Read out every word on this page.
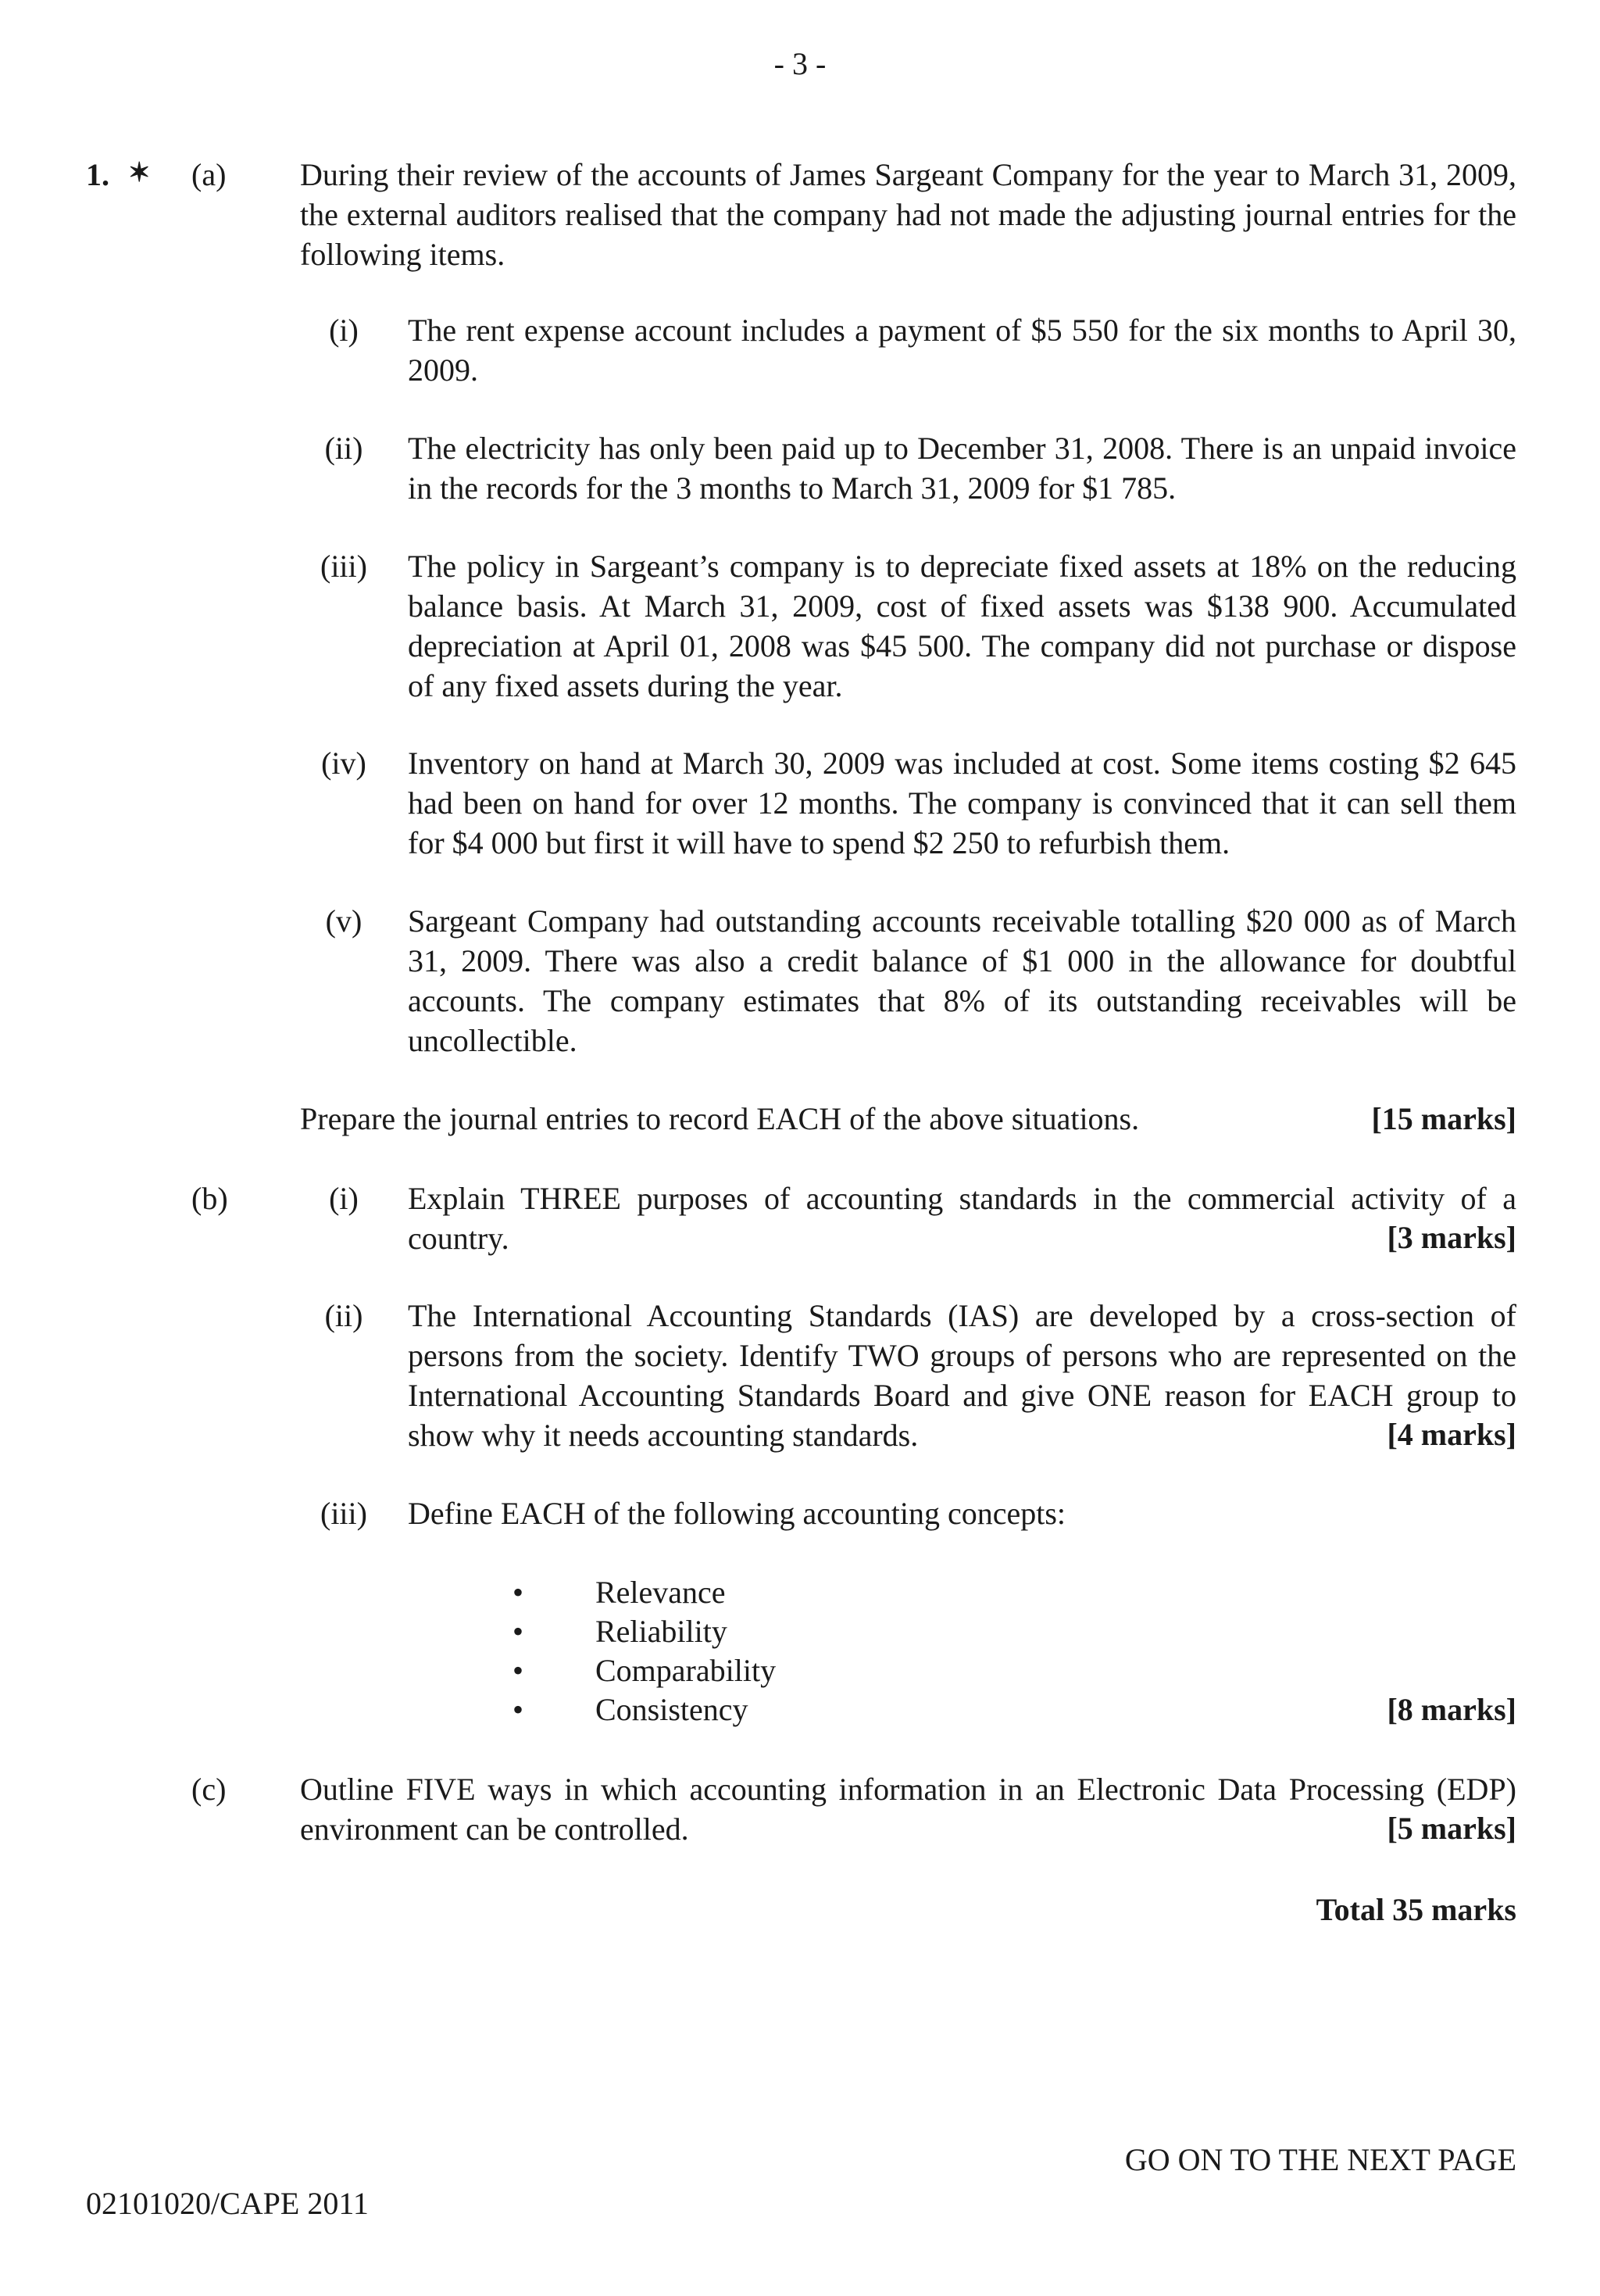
- 3 -
1. ✶ (a) During their review of the accounts of James Sargeant Company for the year to March 31, 2009, the external auditors realised that the company had not made the adjusting journal entries for the following items.

(i)	The rent expense account includes a payment of $5 550 for the six months to April 30, 2009.

(ii)	The electricity has only been paid up to December 31, 2008. There is an unpaid invoice in the records for the 3 months to March 31, 2009 for $1 785.

(iii) The policy in Sargeant’s company is to depreciate fixed assets at 18% on the reducing balance basis. At March 31, 2009, cost of fixed assets was $138 900. Accumulated depreciation at April 01, 2008 was $45 500. The company did not purchase or dispose of any fixed assets during the year.

(iv) Inventory on hand at March 30, 2009 was included at cost. Some items costing $2 645 had been on hand for over 12 months. The company is convinced that it can sell them for $4 000 but first it will have to spend $2 250 to refurbish them.

(v)	Sargeant Company had outstanding accounts receivable totalling $20 000 as of March 31, 2009. There was also a credit balance of $1 000 in the allowance for doubtful accounts. The company estimates that 8% of its outstanding receivables will be uncollectible.

Prepare the journal entries to record EACH of the above situations.	[15 marks]
(b)	(i)	Explain THREE purposes of accounting standards in the commercial activity of a country.	[3 marks]
(ii)	The International Accounting Standards (IAS) are developed by a cross-section of persons from the society. Identify TWO groups of persons who are represented on the International Accounting Standards Board and give ONE reason for EACH group to show why it needs accounting standards.	[4 marks]
(iii) Define EACH of the following accounting concepts:

• Relevance
• Reliability
• Comparability
• Consistency	[8 marks]
(c) Outline FIVE ways in which accounting information in an Electronic Data Processing (EDP) environment can be controlled.	[5 marks]
Total 35 marks
GO ON TO THE NEXT PAGE
02101020/CAPE 2011
